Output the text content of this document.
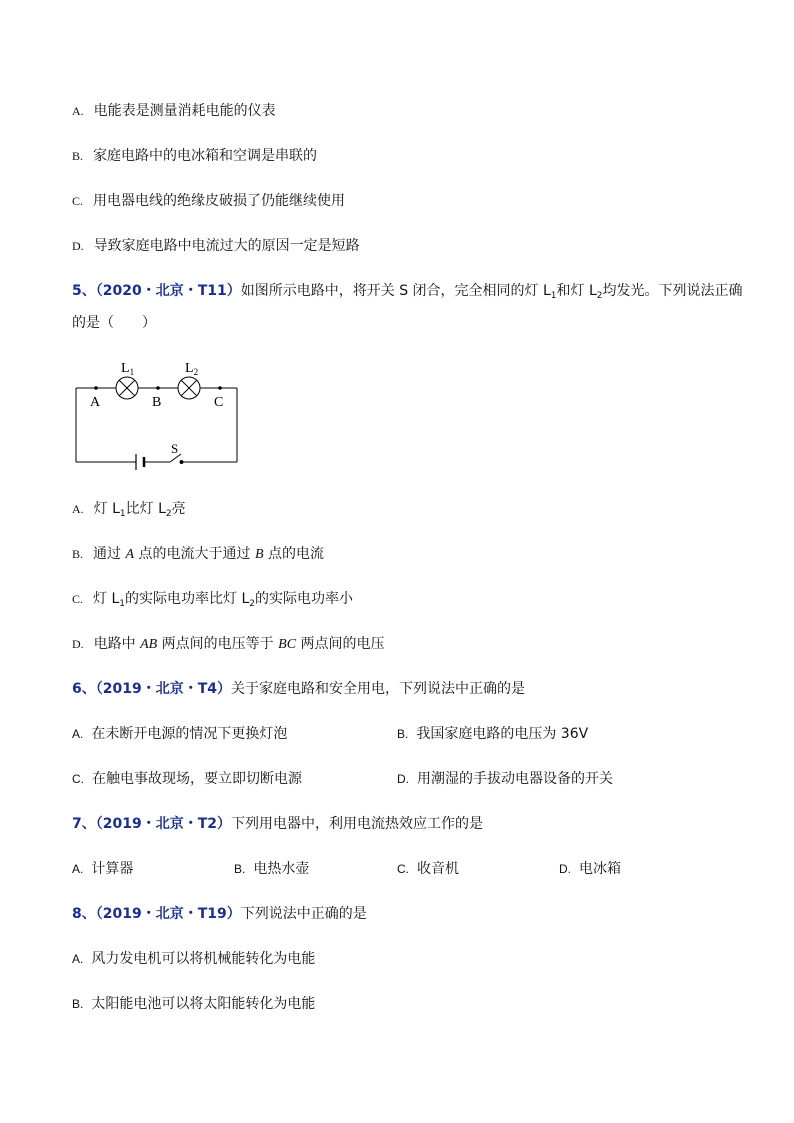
A. 电能表是测量消耗电能的仪表
B. 家庭电路中的电冰箱和空调是串联的
C. 用电器电线的绝缘皮破损了仍能继续使用
D. 导致家庭电路中电流过大的原因一定是短路
5、（2020・北京・T11）如图所示电路中，将开关 S 闭合，完全相同的灯 $L_1$和灯 $L_2$均发光。下列说法正确
的是（　　）
$L_1$	$L_2$
A	B	C
S
A. 灯 $L_1$比灯 $L_2$亮
B. 通过 A 点的电流大于通过 B 点的电流
C. 灯 $L_1$的实际电功率比灯 $L_2$的实际电功率小
D. 电路中 AB 两点间的电压等于 BC 两点间的电压
6、（2019・北京・T4）关于家庭电路和安全用电，下列说法中正确的是
A. 在未断开电源的情况下更换灯泡	B. 我国家庭电路的电压为 36V
C. 在触电事故现场，要立即切断电源	D. 用潮湿的手拔动电器设备的开关
7、（2019・北京・T2）下列用电器中，利用电流热效应工作的是
A. 计算器	B. 电热水壶	C. 收音机	D. 电冰箱
8、（2019・北京・T19）下列说法中正确的是
A. 风力发电机可以将机械能转化为电能
B. 太阳能电池可以将太阳能转化为电能
